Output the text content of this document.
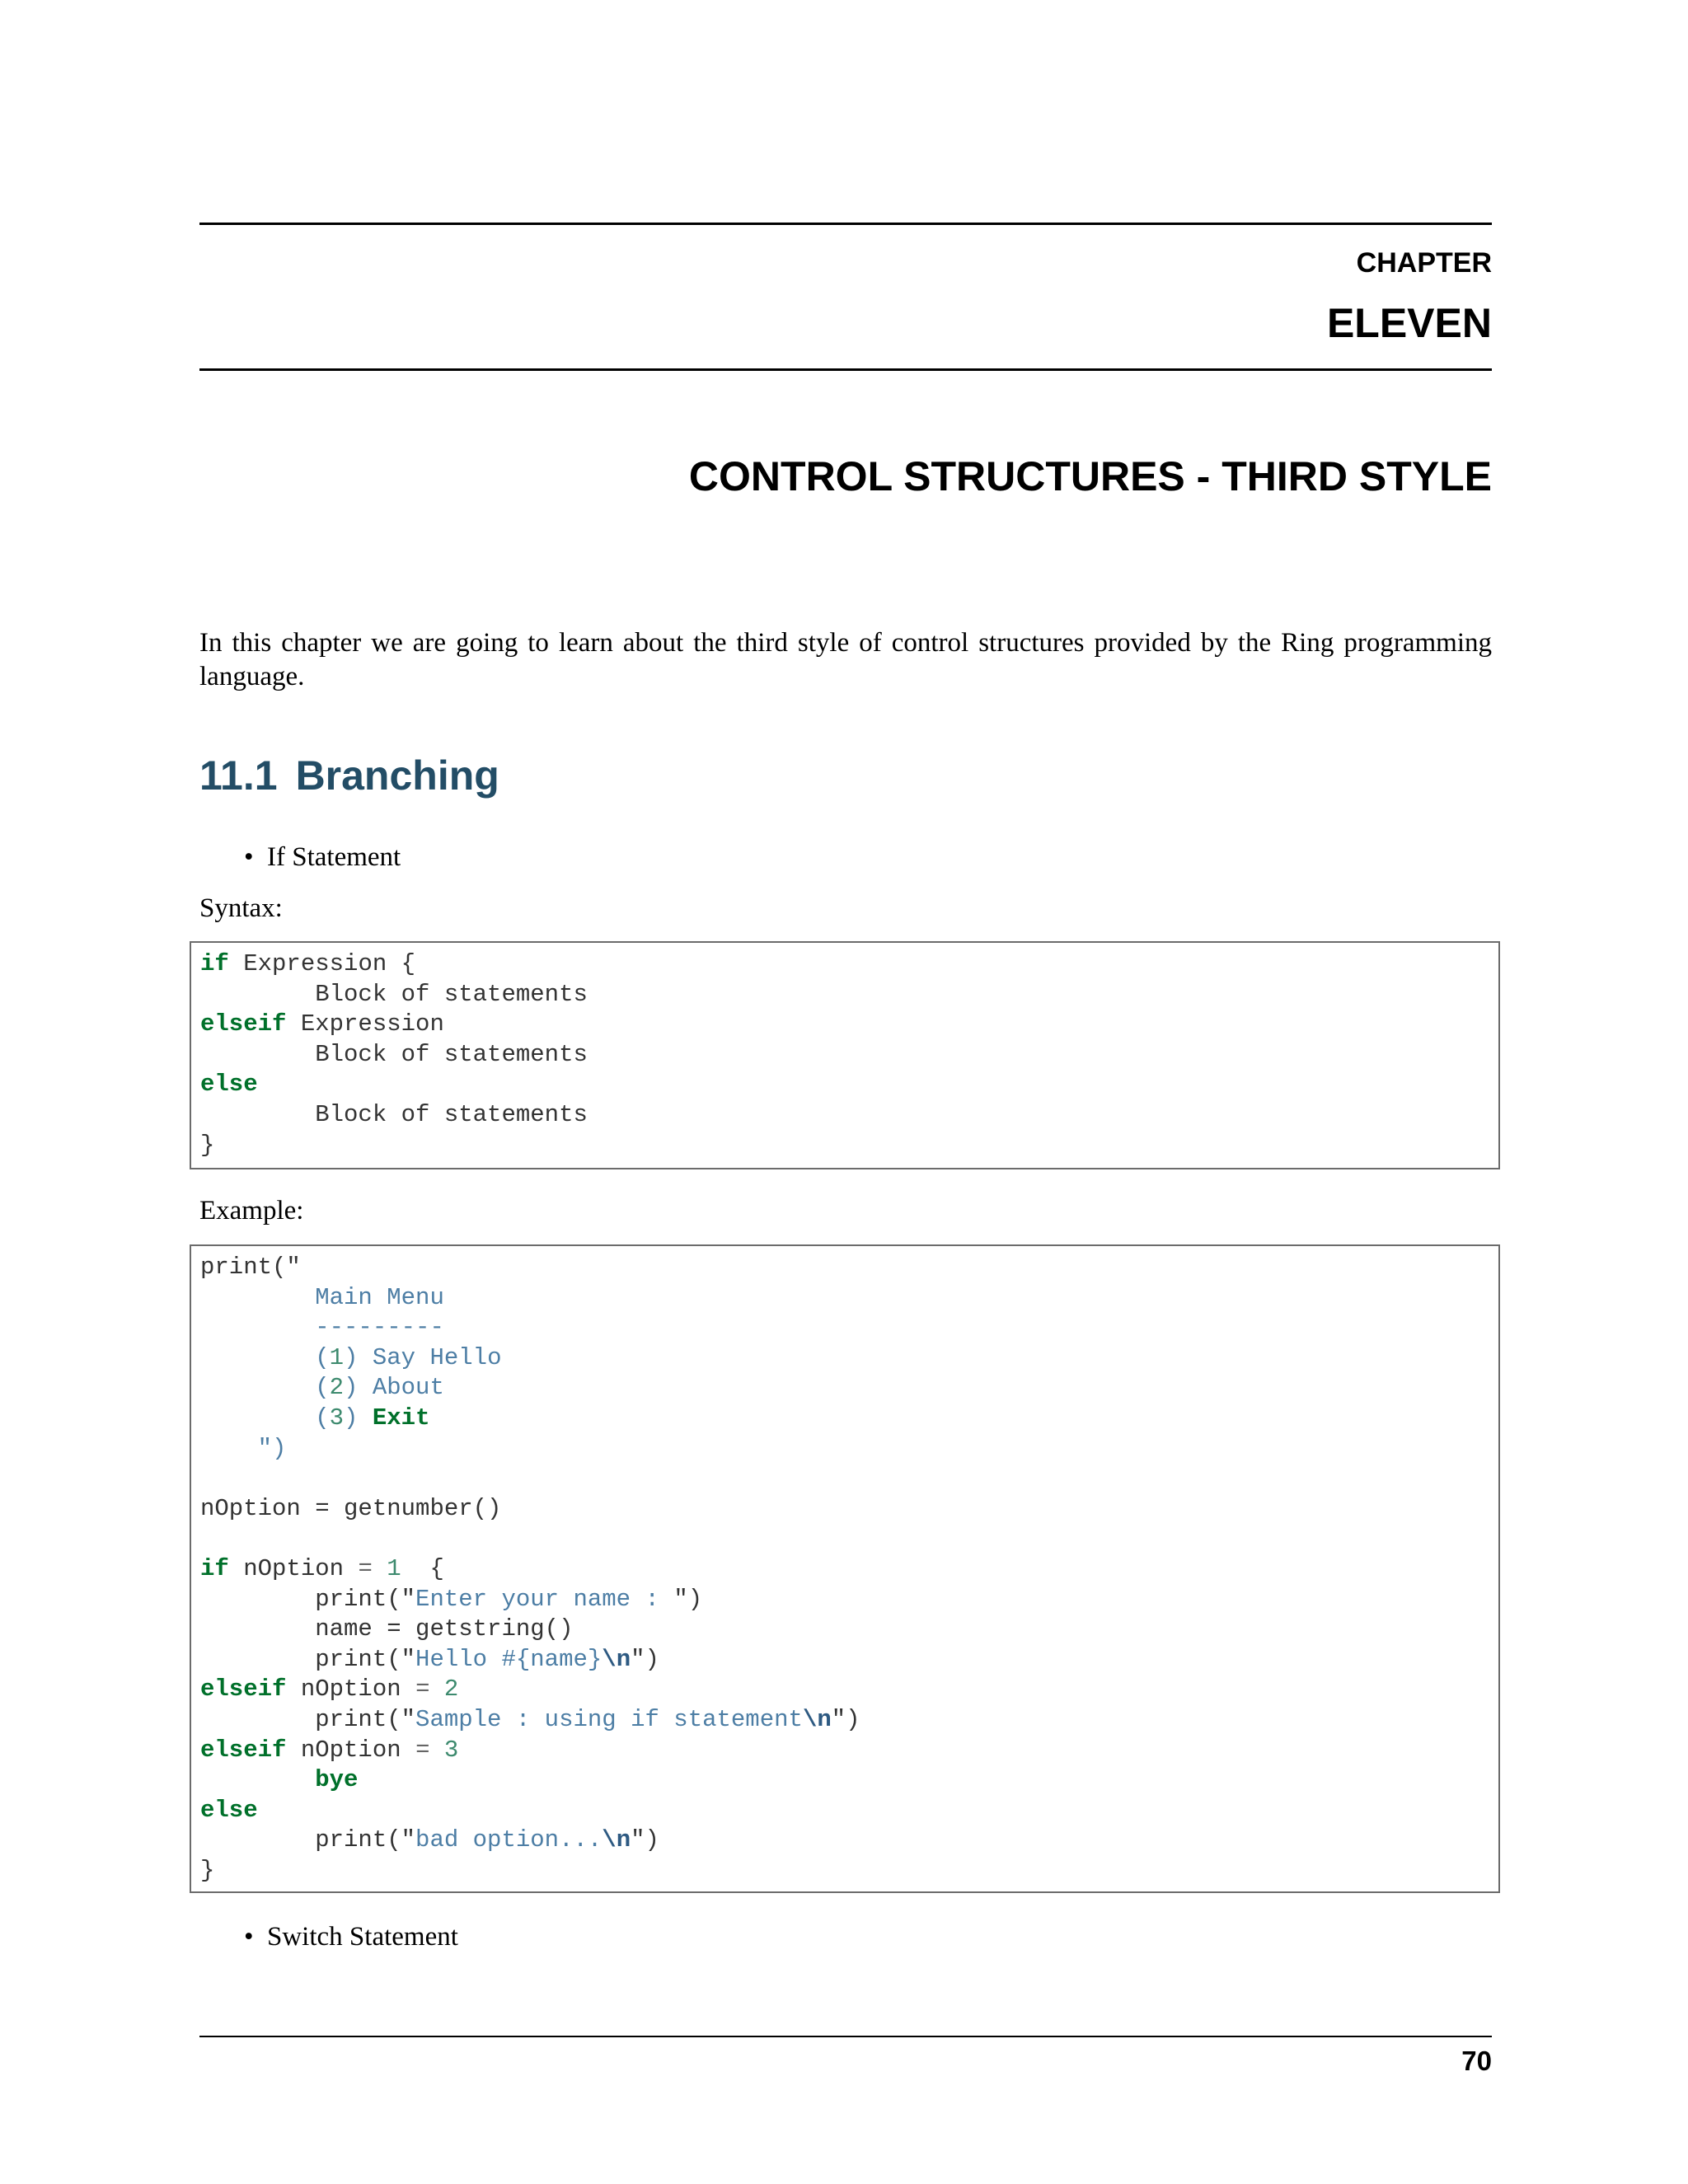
CHAPTER
ELEVEN
CONTROL STRUCTURES - THIRD STYLE
In this chapter we are going to learn about the third style of control structures provided by the Ring programming language.
11.1 Branching
• If Statement
Syntax:
if Expression {
Block of statements
elseif Expression
Block of statements
else
Block of statements
}
Example:
print("
Main Menu
---------
(1) Say Hello
(2) About
(3) Exit
")

nOption = getnumber()

if nOption = 1  {
print("Enter your name : ")
name = getstring()
print("Hello #{name}\n")
elseif nOption = 2
print("Sample : using if statement\n")
elseif nOption = 3
bye
else
print("bad option...\n")
}
• Switch Statement
70
